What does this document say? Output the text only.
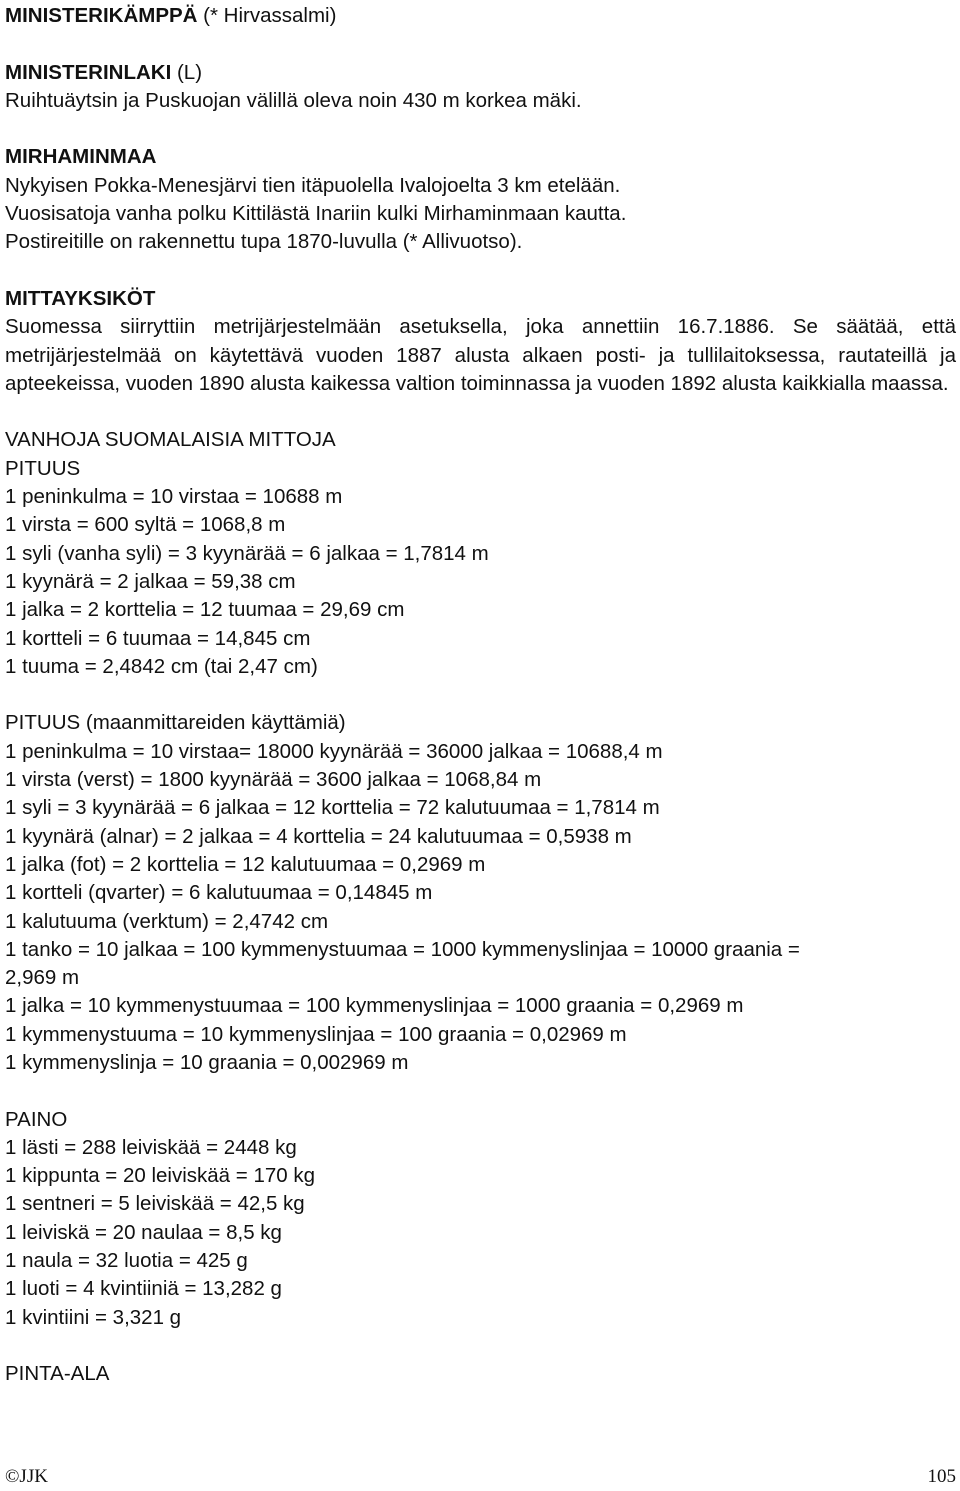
MINISTERIKÄMPPÄ (* Hirvassalmi)
MINISTERINLAKI (L)
Ruihtuäytsin ja Puskuojan välillä oleva noin 430 m korkea mäki.
MIRHAMINMAA
Nykyisen Pokka-Menesjärvi tien itäpuolella Ivalojoelta 3 km etelään.
Vuosisatoja vanha polku Kittilästä Inariin kulki Mirhaminmaan kautta.
Postireitille on rakennettu tupa 1870-luvulla (* Allivuotso).
MITTAYKSIKÖT
Suomessa siirryttiin metrijärjestelmään asetuksella, joka annettiin 16.7.1886. Se säätää, että metrijärjestelmää on käytettävä vuoden 1887 alusta alkaen posti- ja tullilaitoksessa, rautateillä ja apteekeissa, vuoden 1890 alusta kaikessa valtion toiminnassa ja vuoden 1892 alusta kaikkialla maassa.
VANHOJA SUOMALAISIA MITTOJA
PITUUS
1 peninkulma = 10 virstaa = 10688 m
1 virsta = 600 syltä = 1068,8 m
1 syli (vanha syli) = 3 kyynärää = 6 jalkaa = 1,7814 m
1 kyynärä = 2 jalkaa = 59,38 cm
1 jalka = 2 korttelia = 12 tuumaa = 29,69 cm
1 kortteli = 6 tuumaa = 14,845 cm
1 tuuma = 2,4842 cm (tai 2,47 cm)
PITUUS (maanmittareiden käyttämiä)
1 peninkulma = 10 virstaa= 18000 kyynärää = 36000 jalkaa = 10688,4 m
1 virsta (verst) = 1800 kyynärää = 3600 jalkaa = 1068,84 m
1 syli = 3 kyynärää = 6 jalkaa = 12 korttelia = 72 kalutuumaa = 1,7814 m
1 kyynärä (alnar) = 2 jalkaa = 4 korttelia = 24 kalutuumaa = 0,5938 m
1 jalka (fot) = 2 korttelia = 12 kalutuumaa = 0,2969 m
1 kortteli (qvarter) = 6 kalutuumaa = 0,14845 m
1 kalutuuma (verktum) = 2,4742 cm
1 tanko = 10 jalkaa = 100 kymmenystuumaa = 1000 kymmenyslinjaa = 10000 graania =
2,969 m
1 jalka = 10 kymmenystuumaa = 100 kymmenyslinjaa = 1000 graania = 0,2969 m
1 kymmenystuuma = 10 kymmenyslinjaa = 100 graania = 0,02969 m
1 kymmenyslinja = 10 graania = 0,002969 m
PAINO
1 lästi = 288 leiviskää = 2448 kg
1 kippunta = 20 leiviskää = 170 kg
1 sentneri = 5 leiviskää = 42,5 kg
1 leiviskä = 20 naulaa = 8,5 kg
1 naula = 32 luotia = 425 g
1 luoti = 4 kvintiiniä = 13,282 g
1 kvintiini = 3,321 g
PINTA-ALA
©JJK	105
